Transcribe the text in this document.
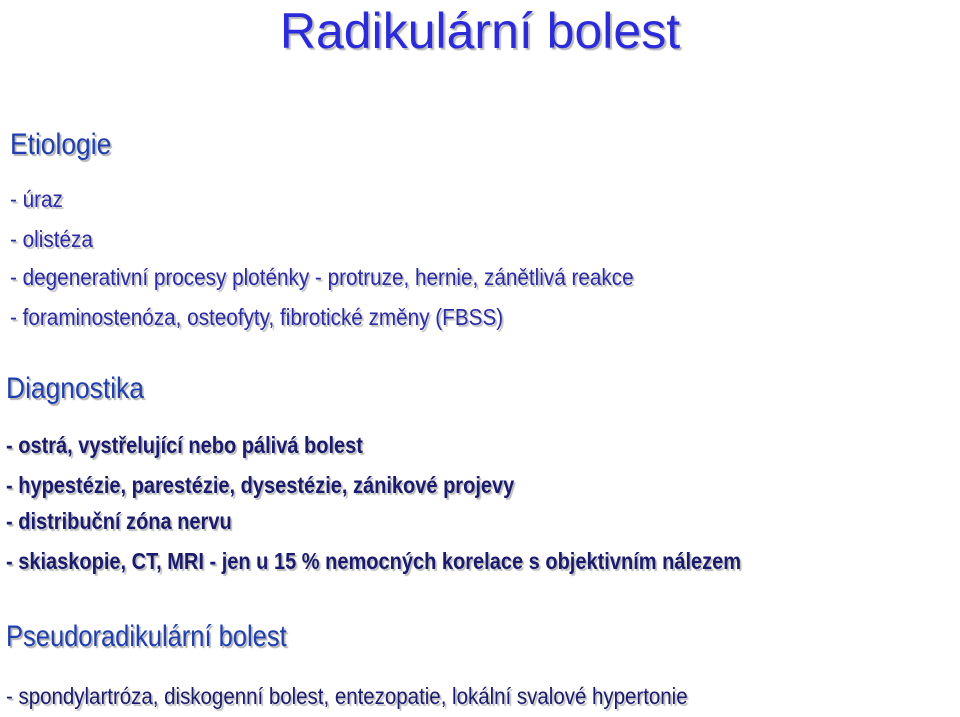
Radikulární bolest
Etiologie
- úraz
- olistéza
- degenerativní procesy ploténky - protruze, hernie, zánětlivá reakce
- foraminostenóza, osteofyty, fibrotické změny (FBSS)
Diagnostika
- ostrá, vystřelující nebo pálivá bolest
- hypestézie, parestézie, dysestézie, zánikové projevy
- distribuční zóna nervu
- skiaskopie, CT, MRI - jen u 15 % nemocných korelace s objektivním nálezem
Pseudoradikulární bolest
- spondylartróza, diskogenní bolest, entezopatie, lokální svalové hypertonie
